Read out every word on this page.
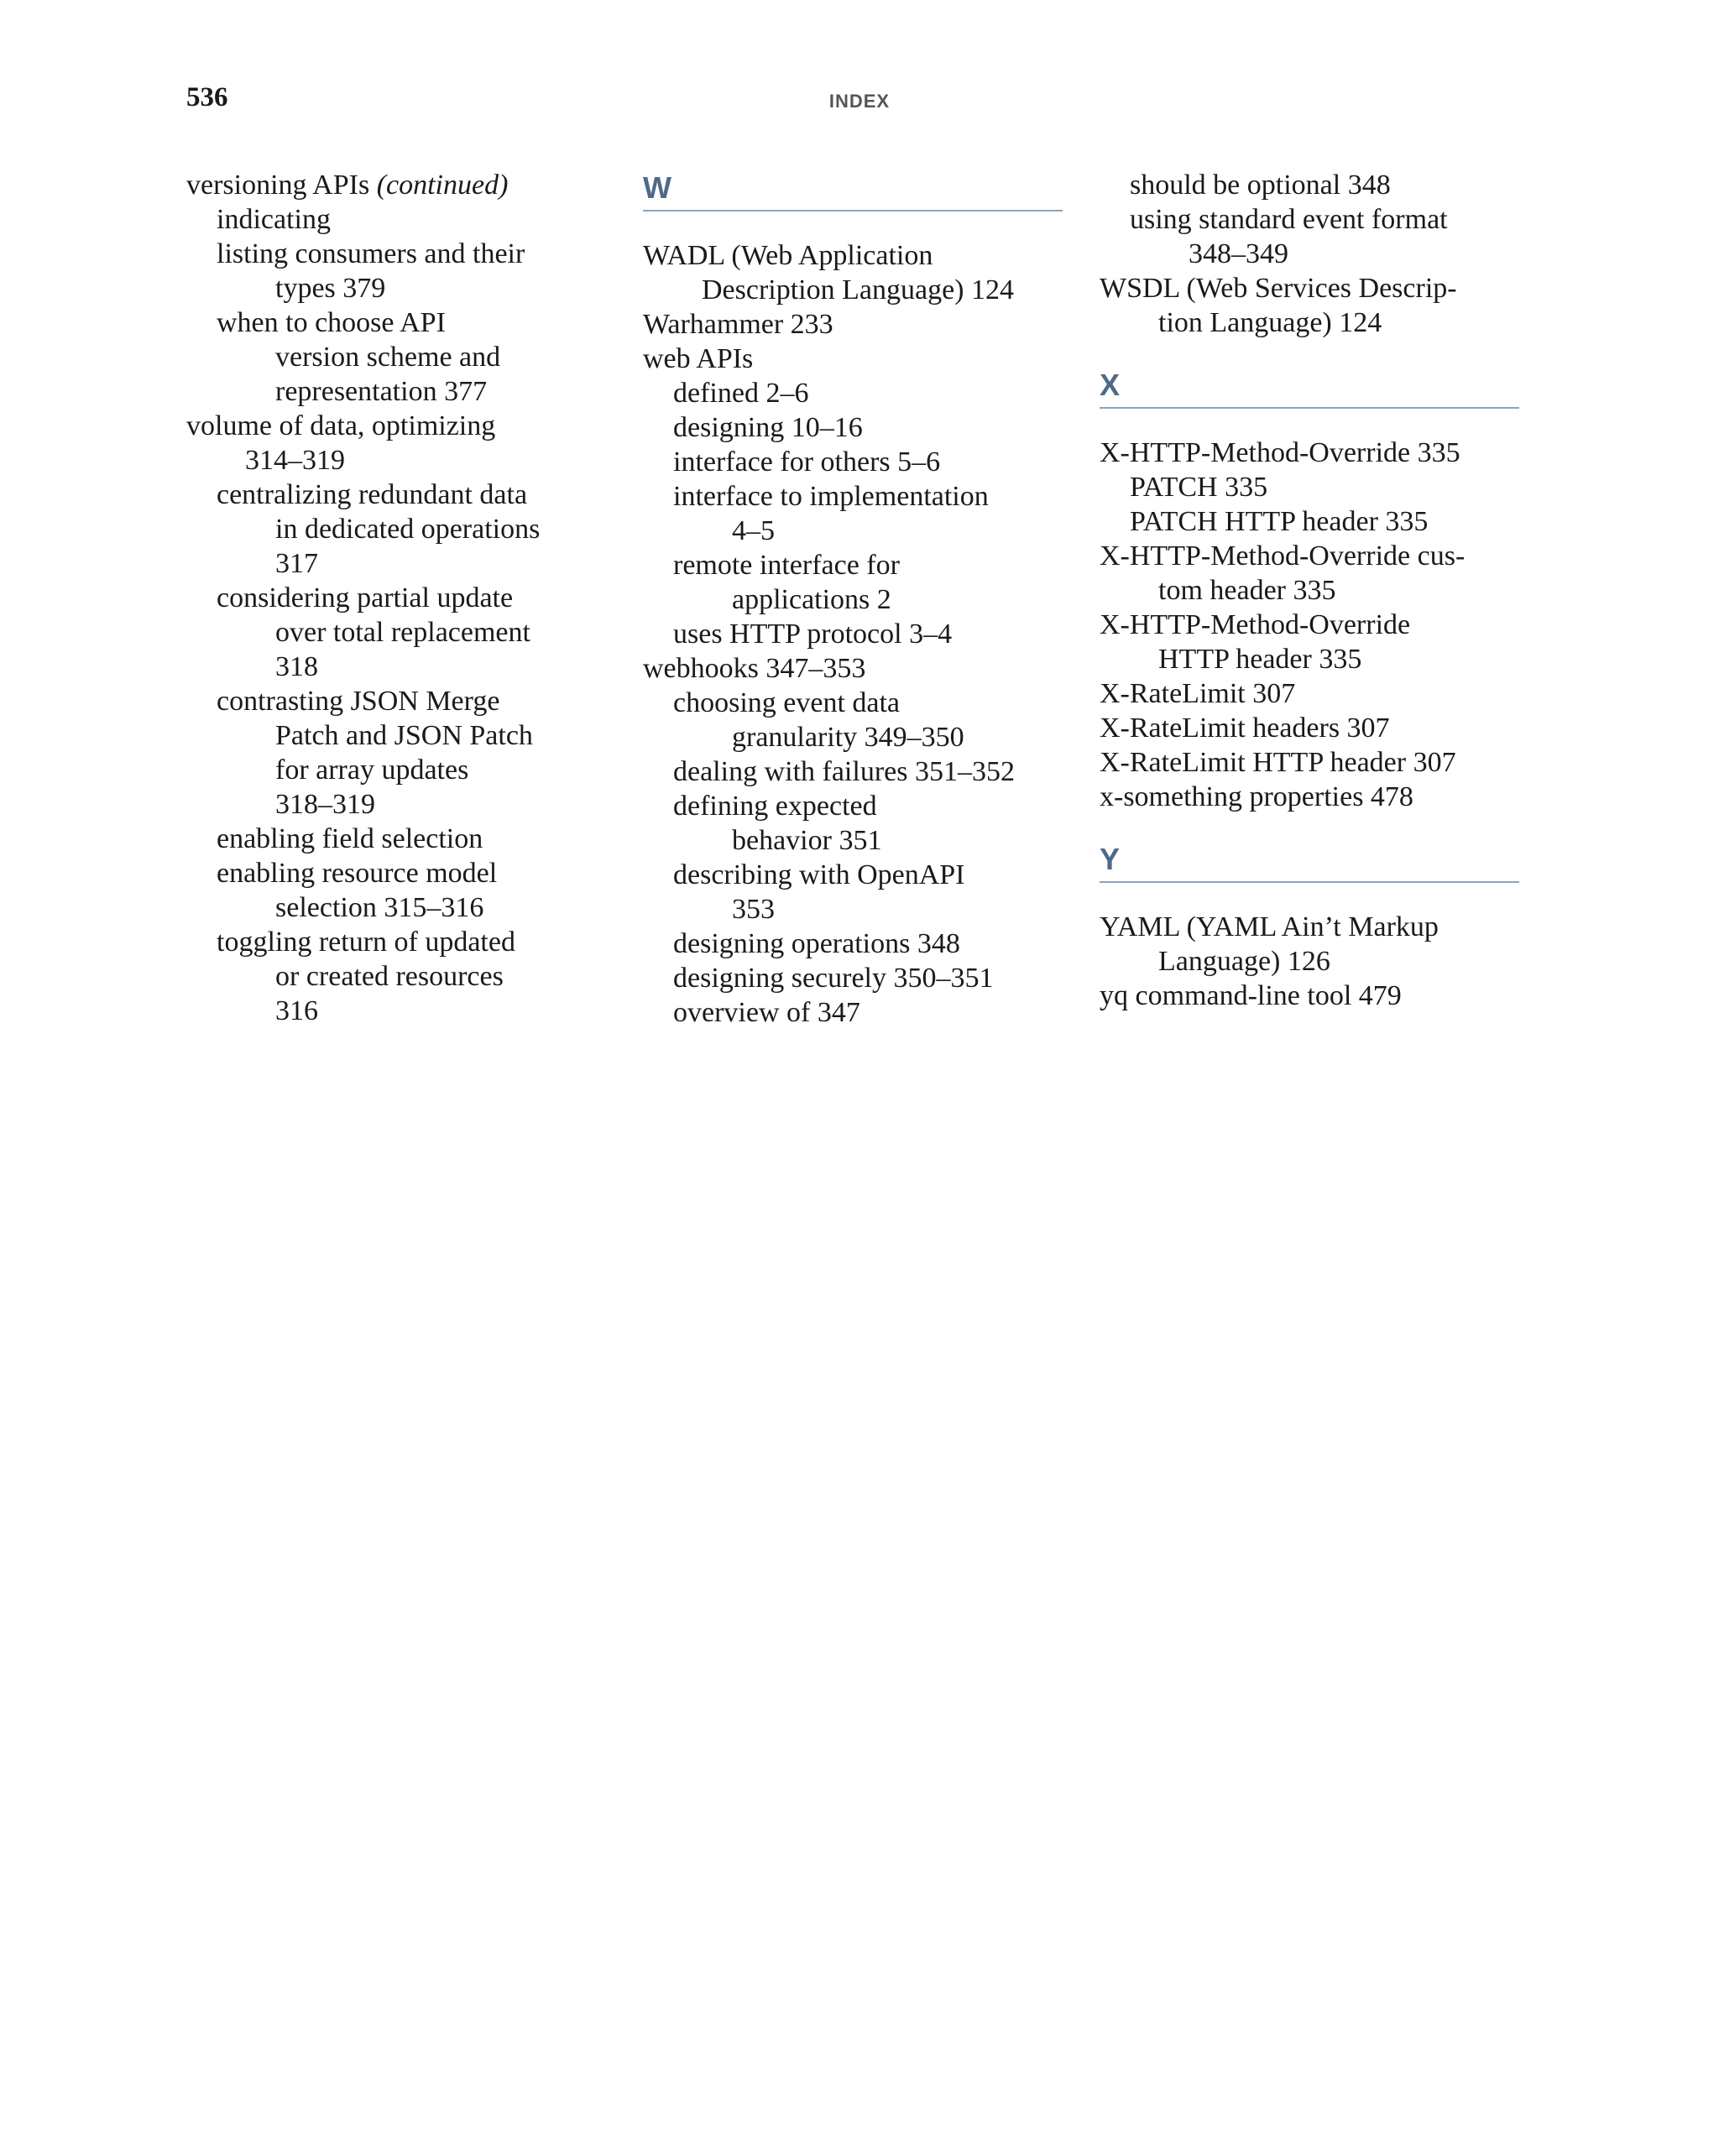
536	INDEX
versioning APIs (continued)
indicating
listing consumers and their
types 379
when to choose API
version scheme and
representation 377
volume of data, optimizing
314–319
centralizing redundant data
in dedicated operations
317
considering partial update
over total replacement
318
contrasting JSON Merge
Patch and JSON Patch
for array updates
318–319
enabling field selection
enabling resource model
selection 315–316
toggling return of updated
or created resources
316
W
WADL (Web Application
Description Language) 124
Warhammer 233
web APIs
defined 2–6
designing 10–16
interface for others 5–6
interface to implementation
4–5
remote interface for
applications 2
uses HTTP protocol 3–4
webhooks 347–353
choosing event data
granularity 349–350
dealing with failures 351–352
defining expected
behavior 351
describing with OpenAPI
353
designing operations 348
designing securely 350–351
overview of 347
should be optional 348
using standard event format
348–349
WSDL (Web Services Descrip-
tion Language) 124
X
X-HTTP-Method-Override 335
PATCH 335
PATCH HTTP header 335
X-HTTP-Method-Override cus-
tom header 335
X-HTTP-Method-Override
HTTP header 335
X-RateLimit 307
X-RateLimit headers 307
X-RateLimit HTTP header 307
x-something properties 478
Y
YAML (YAML Ain’t Markup
Language) 126
yq command-line tool 479
